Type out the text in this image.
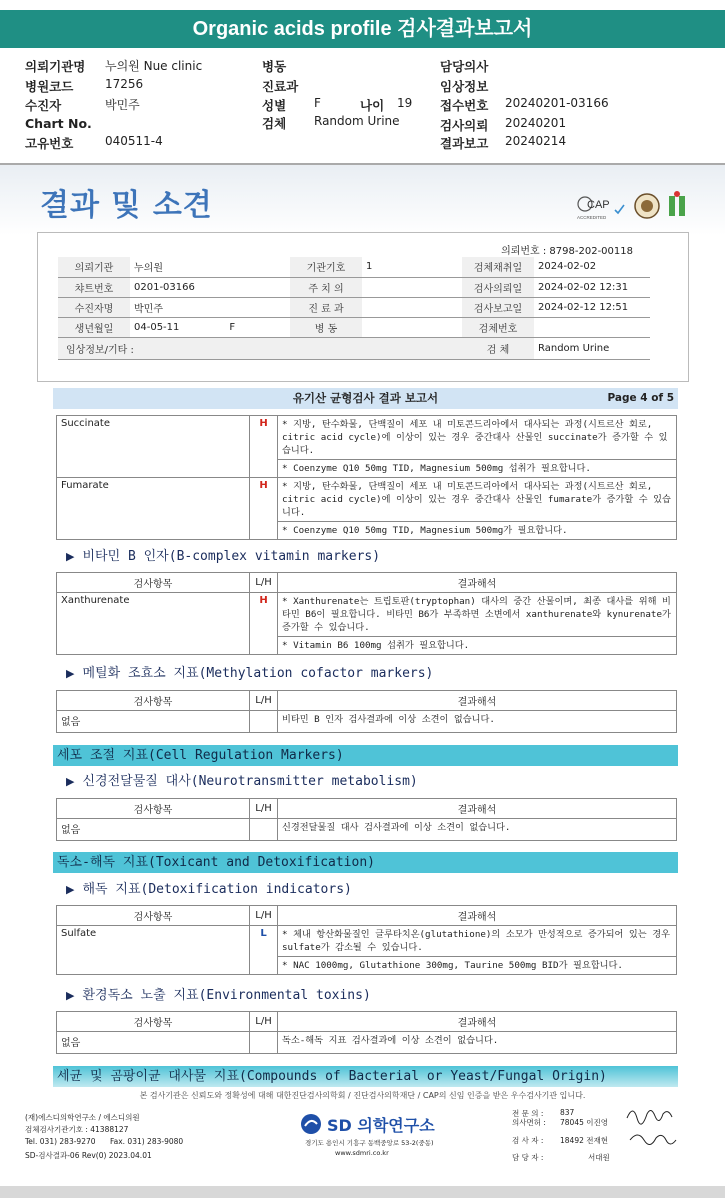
Organic acids profile 검사결과보고서
의뢰기관명 누의원 Nue clinic
병원코드	17256
수진자	박민주
Chart No.
고유번호	040511-4
병동
진료과
성별 F
검체 Random Urine
나이 19
담당의사
임상정보
접수번호 20240201-03166
검사의뢰 20240201
결과보고 20240214
결과 및 소견	CAP
ACCREDITED
의뢰번호 : 8798-202-00118
의뢰기관	누의원	기관기호	1	검체채취일	2024-02-02
챠트번호	0201-03166	주 치 의		검사의뢰일	2024-02-02 12:31
수진자명	박민주	진 료 과		검사보고일	2024-02-12 12:51
생년월일	04-05-11 F	병 동		검체번호	
임상정보/기타 :				검 체	Random Urine
유기산 균형검사 결과 보고서	Page 4 of 5
Succinate	H	* 지방, 탄수화물, 단백질이 세포 내 미토콘드리아에서 대사되는 과정(시트르산 회로, citric acid cycle)에 이상이 있는 경우 중간대사 산물인 succinate가 증가할 수 있습니다.
		* Coenzyme Q10 50mg TID, Magnesium 500mg 섭취가 필요합니다.
Fumarate	H	* 지방, 탄수화물, 단백질이 세포 내 미토콘드리아에서 대사되는 과정(시트르산 회로, citric acid cycle)에 이상이 있는 경우 중간대사 산물인 fumarate가 증가할 수 있습니다.
		* Coenzyme Q10 50mg TID, Magnesium 500mg가 필요합니다.
▶ 비타민 B 인자(B-complex vitamin markers)
검사항목	L/H	결과해석
Xanthurenate	H	* Xanthurenate는 트립토판(tryptophan) 대사의 중간 산물이며, 최종 대사를 위해 비타민 B6이 필요합니다. 비타민 B6가 부족하면 소변에서 xanthurenate와 kynurenate가 증가할 수 있습니다.
		* Vitamin B6 100mg 섭취가 필요합니다.
▶ 메틸화 조효소 지표(Methylation cofactor markers)
검사항목	L/H	결과해석
없음		비타민 B 인자 검사결과에 이상 소견이 없습니다.
세포 조절 지표(Cell Regulation Markers)
▶ 신경전달물질 대사(Neurotransmitter metabolism)
검사항목	L/H	결과해석
없음		신경전달물질 대사 검사결과에 이상 소견이 없습니다.
독소-해독 지표(Toxicant and Detoxification)
▶ 해독 지표(Detoxification indicators)
검사항목	L/H	결과해석
Sulfate	L	* 체내 항산화물질인 글루타치온(glutathione)의 소모가 만성적으로 증가되어 있는 경우 sulfate가 감소될 수 있습니다.
		* NAC 1000mg, Glutathione 300mg, Taurine 500mg BID가 필요합니다.
▶ 환경독소 노출 지표(Environmental toxins)
검사항목	L/H	결과해석
없음		독소-해독 지표 검사결과에 이상 소견이 없습니다.
세균 및 곰팡이균 대사물 지표(Compounds of Bacterial or Yeast/Fungal Origin)
본 검사기관은 신뢰도와 정확성에 대해 대한진단검사의학회 / 진단검사의학재단 / CAP의 신임 인증을 받은 우수검사기관 입니다.
(재)에스디의학연구소 / 에스디의원
검체검사기관기호 : 41388127
Tel. 031) 283-9270 Fax. 031) 283-9080
SD-검사결과-06 Rev(0) 2023.04.01
SD 의학연구소
경기도 용인시 기흥구 동백중앙로 53-2(중동)
www.sdmri.co.kr
전 문 의 : 837
의사면허 : 78045 이진영
검 사 자 : 18492 전재현
담 당 자 :	서대원
